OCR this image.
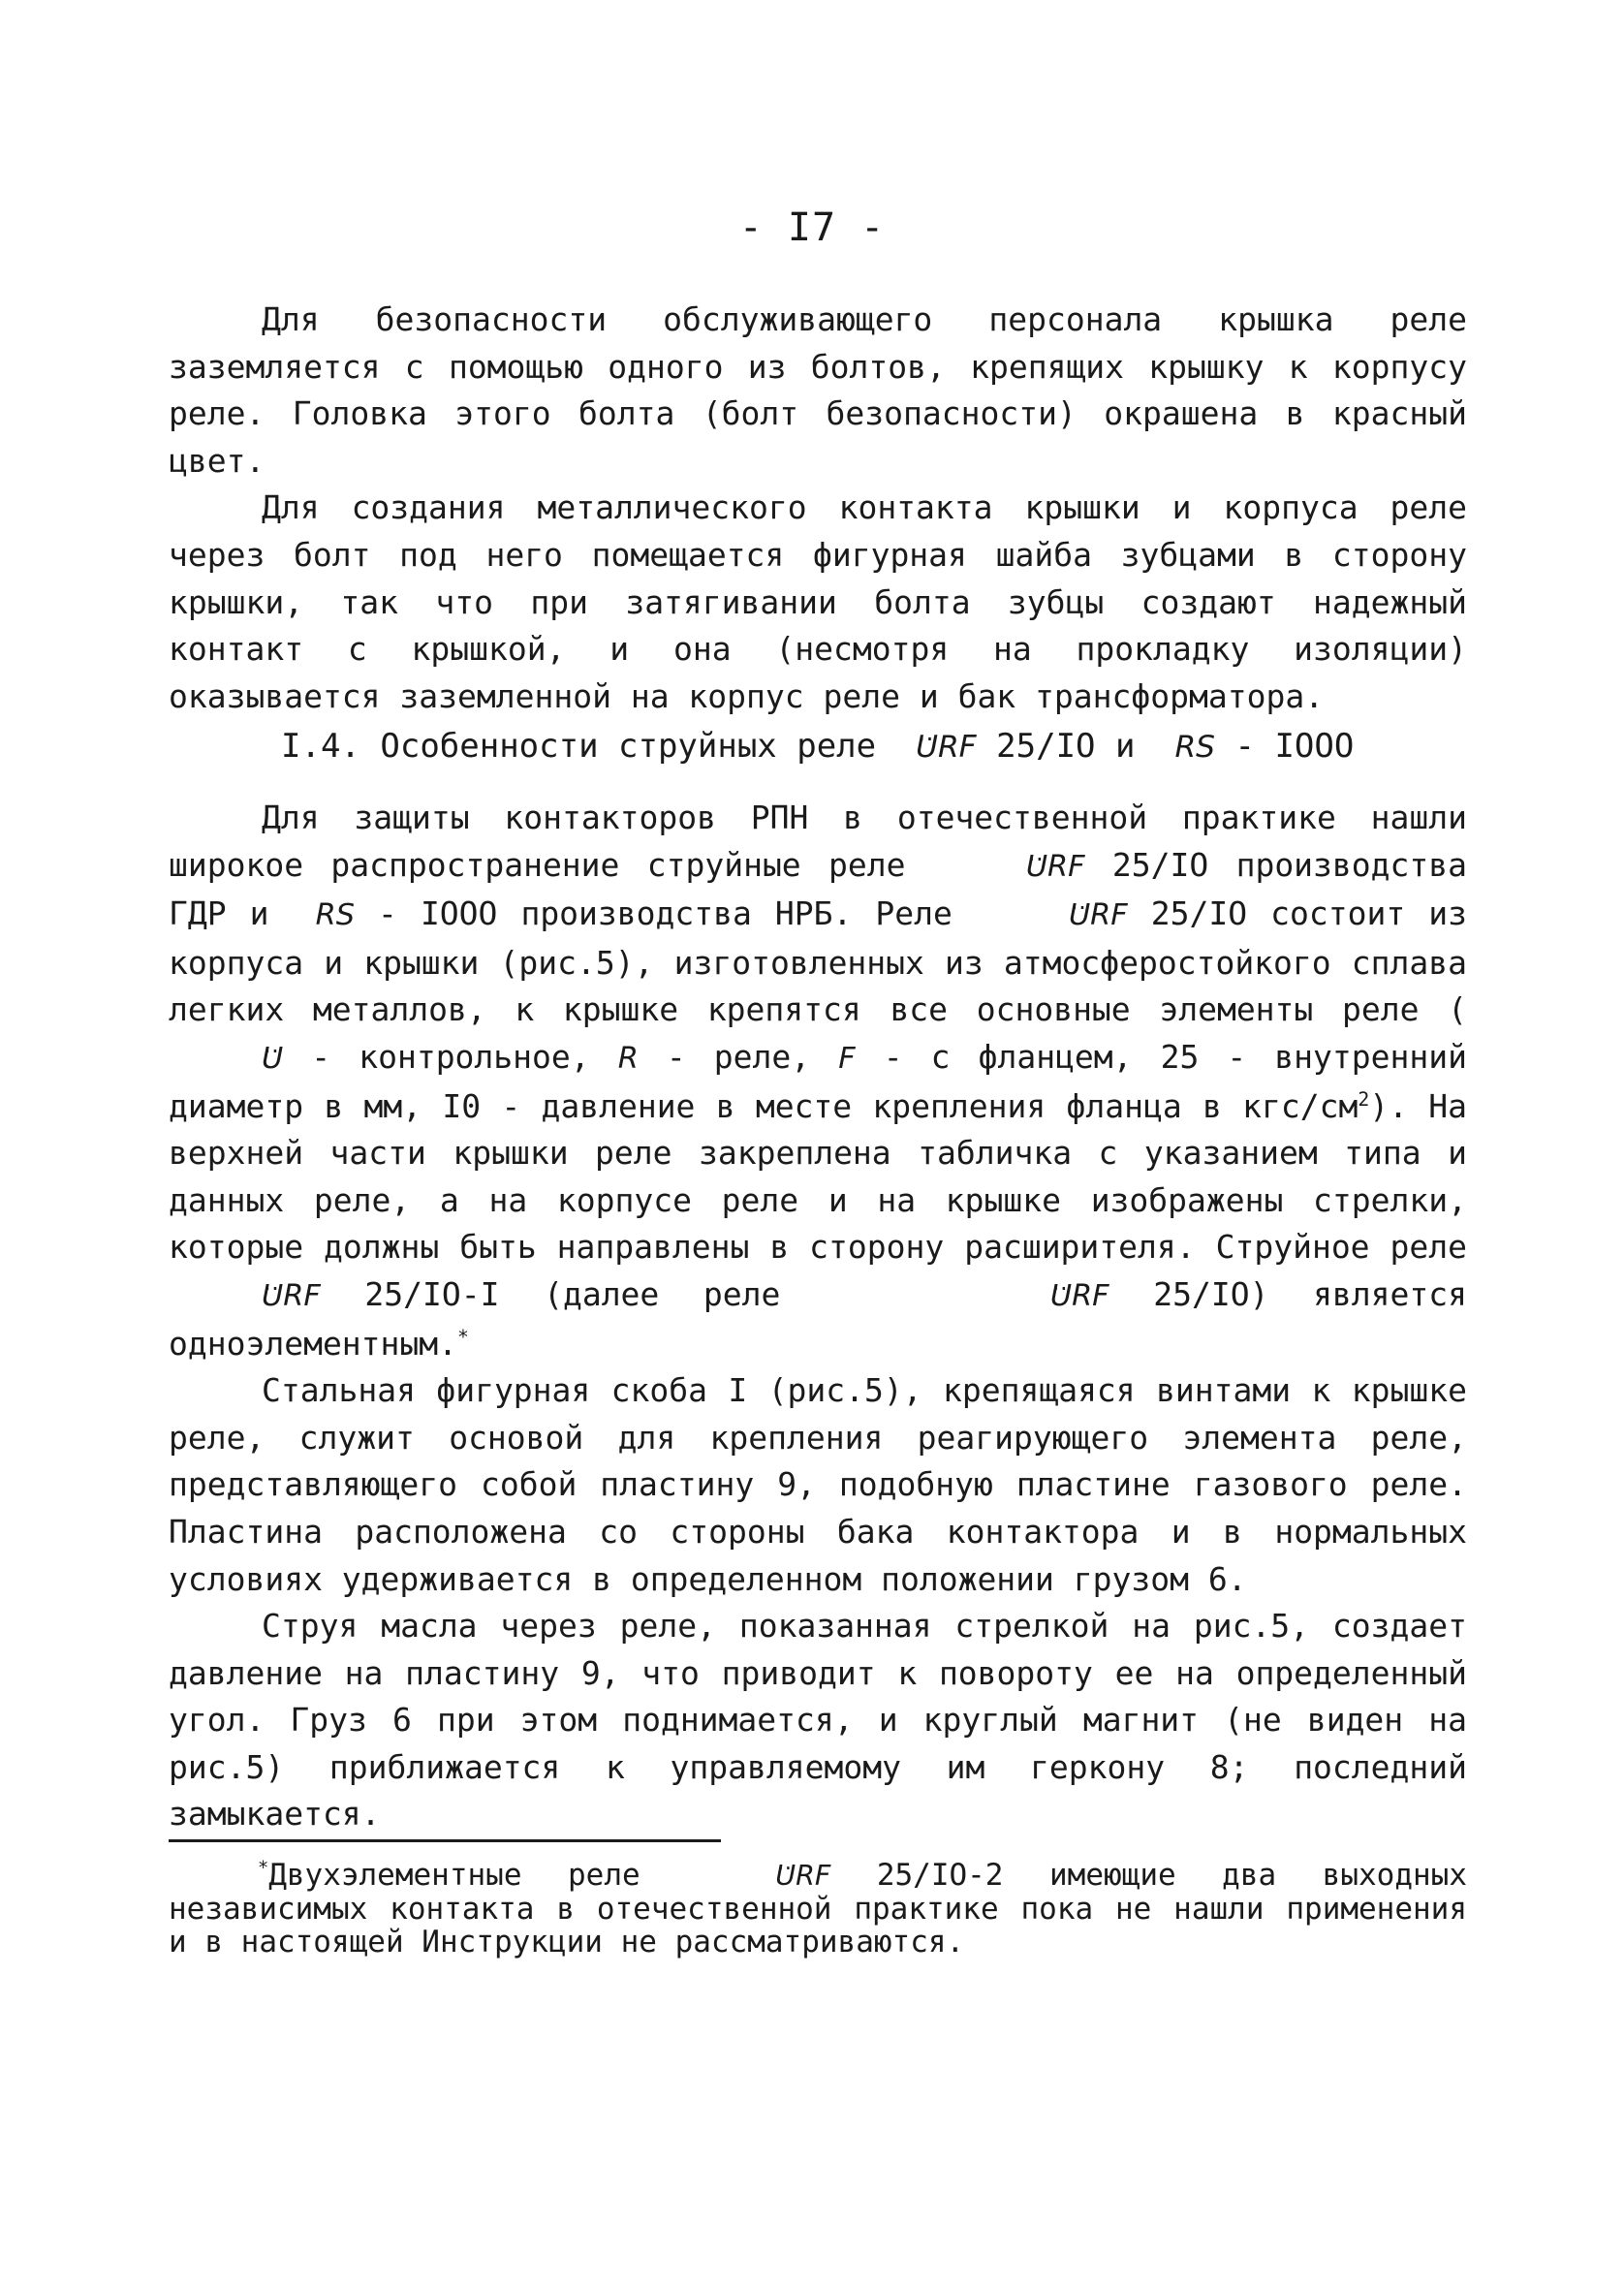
- I7 -

Для безопасности обслуживающего персонала крышка реле заземляется с помощью одного из болтов, крепящих крышку к корпусу реле. Головка этого болта (болт безопасности) окрашена в красный цвет.

Для создания металлического контакта крышки и корпуса реле через болт под него помещается фигурная шайба зубцами в сторону крышки, так что при затягивании болта зубцы создают надежный контакт с крышкой, и она (несмотря на прокладку изоляции) оказывается заземленной на корпус реле и бак трансформатора.

I.4. Особенности струйных реле .. URF 25/IO и RS - IOOO

Для защиты контакторов РПН в отечественной практике нашли широкое распространение струйные реле	.. URF 25/IO производства ГДР и RS - IOOO производства НРБ. Реле	.. URF 25/IO состоит из корпуса и крышки (рис.5), изготовленных из атмосферостойкого сплава легких металлов, к крышке крепятся все основные элементы реле ( .. U - контрольное, R - реле, F - с фланцем, 25 - внутренний диаметр в мм, I0 - давление в месте крепления фланца в кгс/$см^2$). На верхней части крышки реле закреплена табличка с указанием типа и данных реле, а на корпусе реле и на крышке изображены стрелки, которые должны быть направлены в сторону расширителя. Струйное реле .. URF 25/IO-I (далее реле	.. URF 25/IO) является одноэлементным.*

Стальная фигурная скоба I (рис.5), крепящаяся винтами к крышке реле, служит основой для крепления реагирующего элемента реле, представляющего собой пластину 9, подобную пластине газового реле. Пластина расположена со стороны бака контактора и в нормальных условиях удерживается в определенном положении грузом 6.

Струя масла через реле, показанная стрелкой на рис.5, создает давление на пластину 9, что приводит к повороту ее на определенный угол. Груз 6 при этом поднимается, и круглый магнит (не виден на рис.5) приближается к управляемому им геркону 8; последний замыкается.

*Двухэлементные реле	.. URF 25/IO-2 имеющие два выходных независимых контакта в отечественной практике пока не нашли применения и в настоящей Инструкции не рассматриваются.
